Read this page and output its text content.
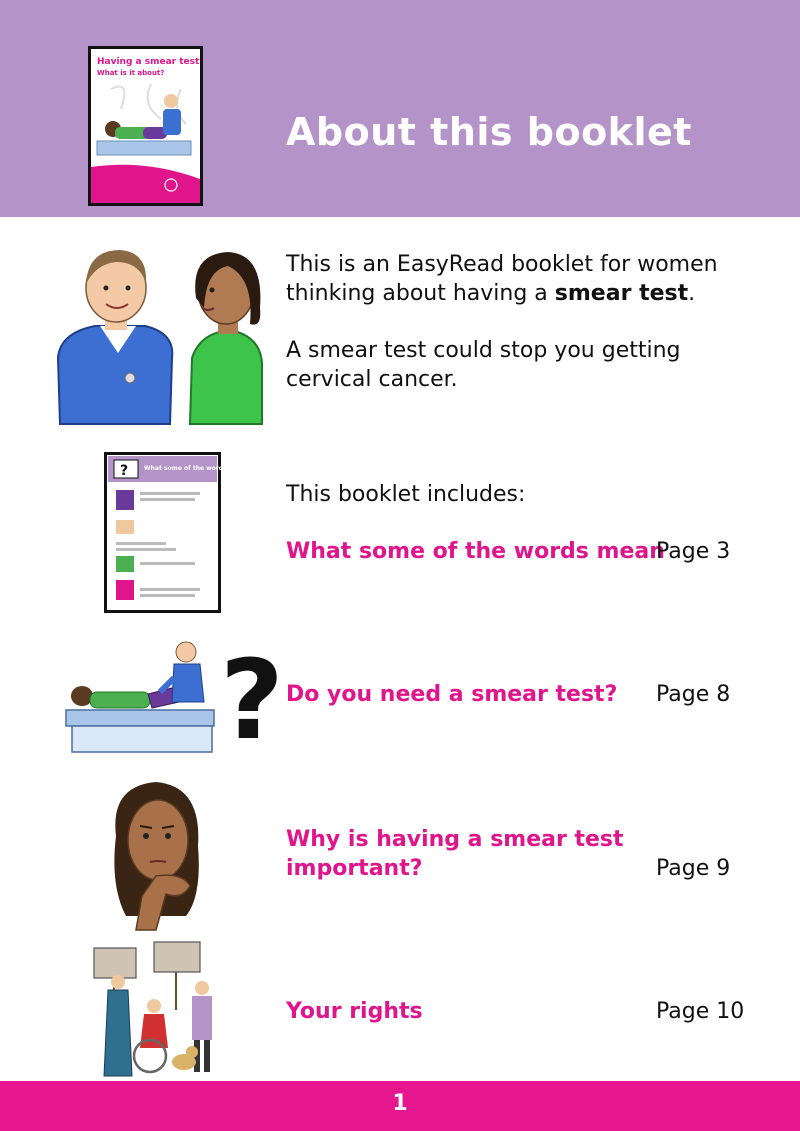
Having a smear test
What is it about?
About this booklet

This is an EasyRead booklet for women thinking about having a smear test.

A smear test could stop you getting cervical cancer.

?	What some of the words mean

This booklet includes:

What some of the words mean
Page 3
? Do you need a smear test? Page 8
Why is having a smear test important?	Page 9
Your rights	Page 10
1
